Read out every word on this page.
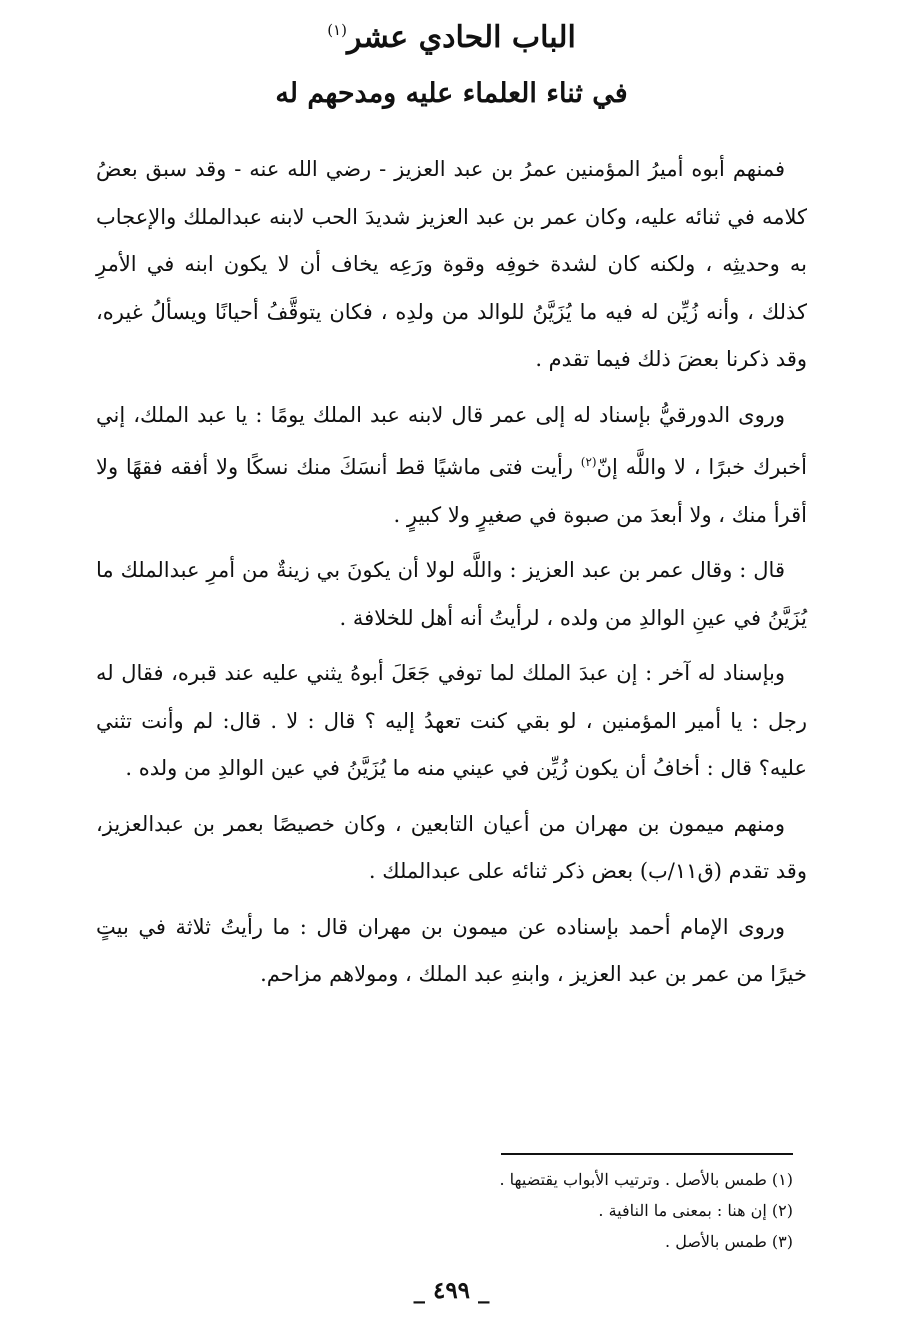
الباب الحادي عشر$^{(١)}$
في ثناء العلماء عليه ومدحهم له

فمنهم أبوه أميرُ المؤمنين عمرُ بن عبد العزيز - رضي الله عنه - وقد سبق بعضُ كلامه في ثنائه عليه، وكان عمر بن عبد العزيز شديدَ الحب لابنه عبدالملك والإعجاب به وحديثِه ، ولكنه كان لشدة خوفِه وقوة ورَعِه يخاف أن لا يكون ابنه في الأمرِ كذلك ، وأنه زُيِّن له فيه ما يُزَيَّنُ للوالد من ولدِه ، فكان يتوقَّفُ أحيانًا ويسألُ غيره، وقد ذكرنا بعضَ ذلك فيما تقدم .

وروى الدورقيُّ بإسناد له إلى عمر قال لابنه عبد الملك يومًا : يا عبد الملك، إني أخبرك خبرًا ، لا واللَّه إنّ$^{(٢)}$ رأيت فتى ماشيًا قط أنسَكَ منك نسكًا ولا أفقه فقهًا ولا أقرأ منك ، ولا أبعدَ من صبوة في صغيرٍ ولا كبيرٍ .

قال : وقال عمر بن عبد العزيز : واللَّه لولا أن يكونَ بي زينةٌ من أمرِ عبدالملك ما يُزَيَّنُ في عينِ الوالدِ من ولده ، لرأيتُ أنه أهل للخلافة .

وبإسناد له آخر : إن عبدَ الملك لما توفي جَعَلَ أبوهُ يثني عليه عند قبره، فقال له رجل : يا أمير المؤمنين ، لو بقي كنت تعهدُ إليه ؟ قال : لا . قال: لم وأنت تثني عليه؟ قال : أخافُ أن يكون زُيِّن في عيني منه ما يُزَيَّنُ في عين الوالدِ من ولده .

ومنهم ميمون بن مهران من أعيان التابعين ، وكان خصيصًا بعمر بن عبدالعزيز، وقد تقدم (ق١١/ب) بعض ذكر ثنائه على عبدالملك .

وروى الإمام أحمد بإسناده عن ميمون بن مهران قال : ما رأيتُ ثلاثة في بيتٍ خيرًا من عمر بن عبد العزيز ، وابنهِ عبد الملك ، ومولاهم مزاحم.

(١) طمس بالأصل . وترتيب الأبواب يقتضيها .
(٢) إن هنا : بمعنى ما النافية .
(٣) طمس بالأصل .
_ ٤٩٩ _
